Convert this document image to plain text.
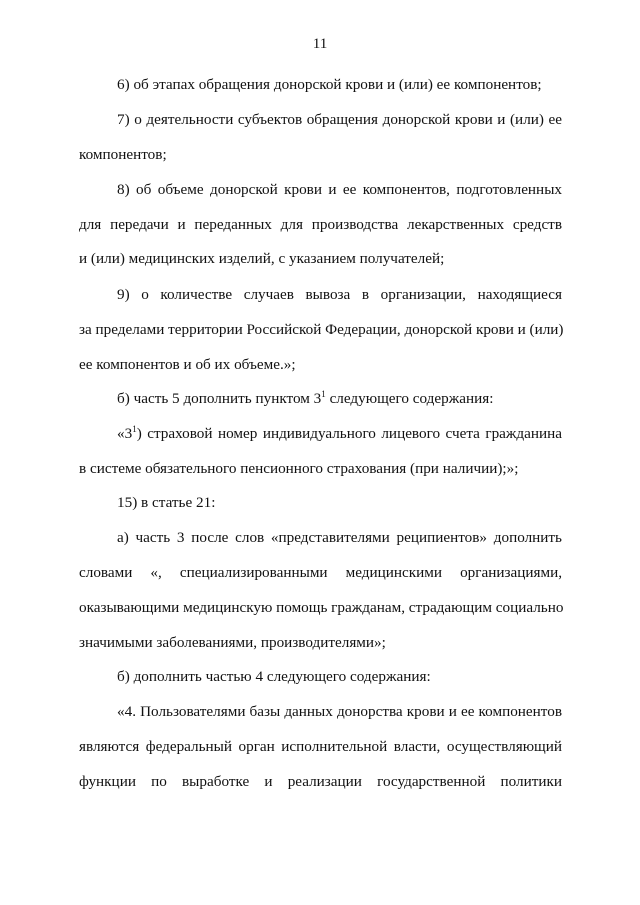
11
6) об этапах обращения донорской крови и (или) ее компонентов;
7) о деятельности субъектов обращения донорской крови и (или) ее
компонентов;
8) об объеме донорской крови и ее компонентов, подготовленных
для передачи и переданных для производства лекарственных средств
и (или) медицинских изделий, с указанием получателей;
9) о количестве случаев вывоза в организации, находящиеся
за пределами территории Российской Федерации, донорской крови и (или)
ее компонентов и об их объеме.»;
б) часть 5 дополнить пунктом $3^1$ следующего содержания:
«$3^1$) страховой номер индивидуального лицевого счета гражданина
в системе обязательного пенсионного страхования (при наличии);»;
15) в статье 21:
а) часть 3 после слов «представителями реципиентов» дополнить
словами «, специализированными медицинскими организациями,
оказывающими медицинскую помощь гражданам, страдающим социально
значимыми заболеваниями, производителями»;
б) дополнить частью 4 следующего содержания:
«4. Пользователями базы данных донорства крови и ее компонентов
являются федеральный орган исполнительной власти, осуществляющий
функции по выработке и реализации государственной политики
